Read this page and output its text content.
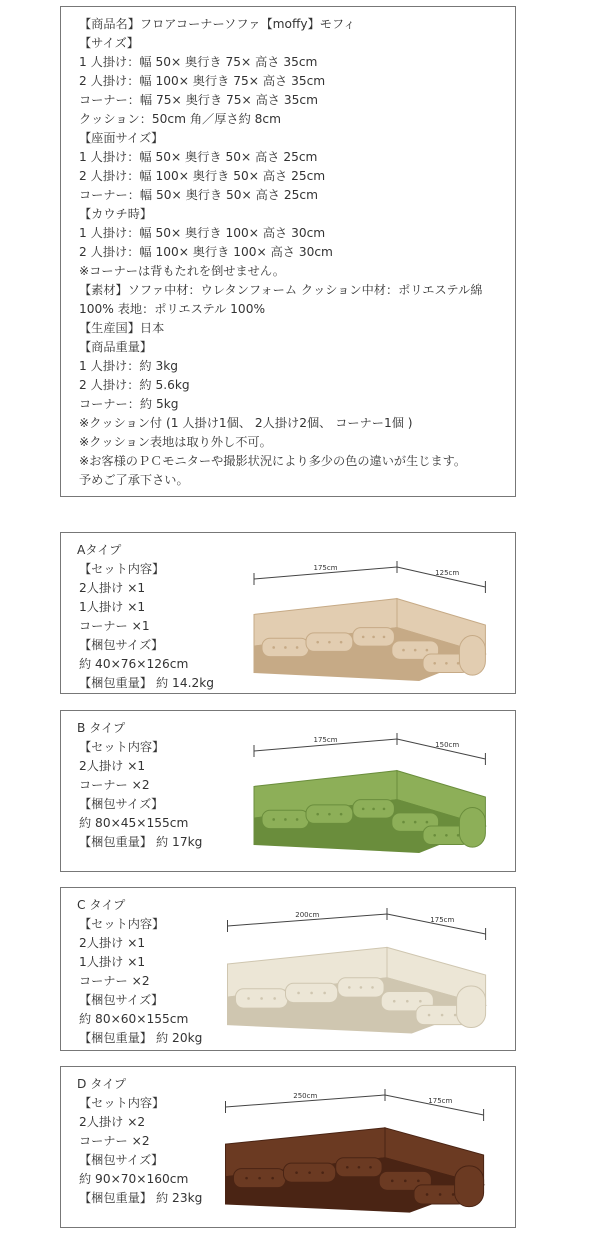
【商品名】フロアコーナーソファ【moffy】モフィ
【サイズ】
1 人掛け：幅 50× 奥行き 75× 高さ 35cm
2 人掛け：幅 100× 奥行き 75× 高さ 35cm
コーナー：幅 75× 奥行き 75× 高さ 35cm
クッション：50cm 角／厚さ約 8cm
【座面サイズ】
1 人掛け：幅 50× 奥行き 50× 高さ 25cm
2 人掛け：幅 100× 奥行き 50× 高さ 25cm
コーナー：幅 50× 奥行き 50× 高さ 25cm
【カウチ時】
1 人掛け：幅 50× 奥行き 100× 高さ 30cm
2 人掛け：幅 100× 奥行き 100× 高さ 30cm
※コーナーは背もたれを倒せません。
【素材】ソファ中材：ウレタンフォーム クッション中材：ポリエステル綿
100% 表地：ポリエステル 100%
【生産国】日本
【商品重量】
1 人掛け：約 3kg
2 人掛け：約 5.6kg
コーナー：約 5kg
※クッション付 (1 人掛け1個、 2人掛け2個、 コーナー1個 )
※クッション表地は取り外し不可。
※お客様のＰＣモニターや撮影状況により多少の色の違いが生じます。
予めご了承下さい。
Aタイプ
【セット内容】
2人掛け ×1
1人掛け ×1
コーナー ×1
【梱包サイズ】
約 40×76×126cm
【梱包重量】 約 14.2kg
175cm
125cm
B タイプ
【セット内容】
2人掛け ×1
コーナー ×2
【梱包サイズ】
約 80×45×155cm
【梱包重量】 約 17kg
175cm
150cm
C タイプ
【セット内容】
2人掛け ×1
1人掛け ×1
コーナー ×2
【梱包サイズ】
約 80×60×155cm
【梱包重量】 約 20kg
200cm
175cm
D タイプ
【セット内容】
2人掛け ×2
コーナー ×2
【梱包サイズ】
約 90×70×160cm
【梱包重量】 約 23kg
250cm
175cm
